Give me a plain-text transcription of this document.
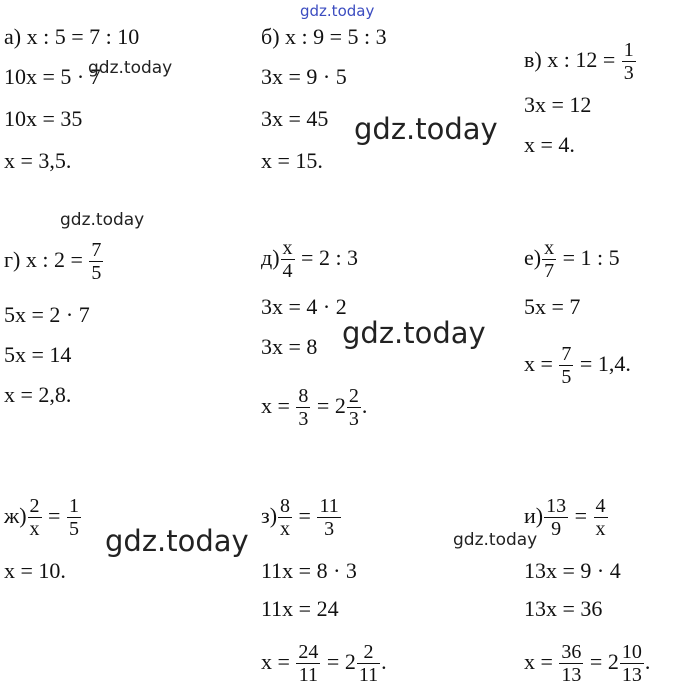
а) x : 5 = 7 : 10
10x = 5 · 7
10x = 35
x = 3,5.
б) x : 9 = 5 : 3
3x = 9 · 5
3x = 45
x = 15.
в) x : $12 = \frac{1}{3}$
3x = 12
x = 4.
г) x : $2 = \frac{7}{5}$
5x = 2 · 7
5x = 14
x = 2,8.
$д) \frac{x}{4} = 2$ : 3
3x = 4 · 2
3x = 8
$x = \frac{8}{3} = 2 \frac{2}{3}$ .
$е) \frac{x}{7} = 1$ : 5
5x = 7
$x = \frac{7}{5} = 1,4$.
$ж) \frac{2}{x} = \frac{1}{5}$
x = 10.
$з) \frac{8}{x} = \frac{11}{3}$
11x = 8 · 3
11x = 24
$x = \frac{24}{11} = 2 \frac{2}{11}$ .
$и) \frac{13}{9} = \frac{4}{x}$
13x = 9 · 4
13x = 36
$x = \frac{36}{13} = 2 \frac{10}{13}$ .
gdz.today
gdz.today
gdz.today
gdz.today
gdz.today
gdz.today	gdz.today
